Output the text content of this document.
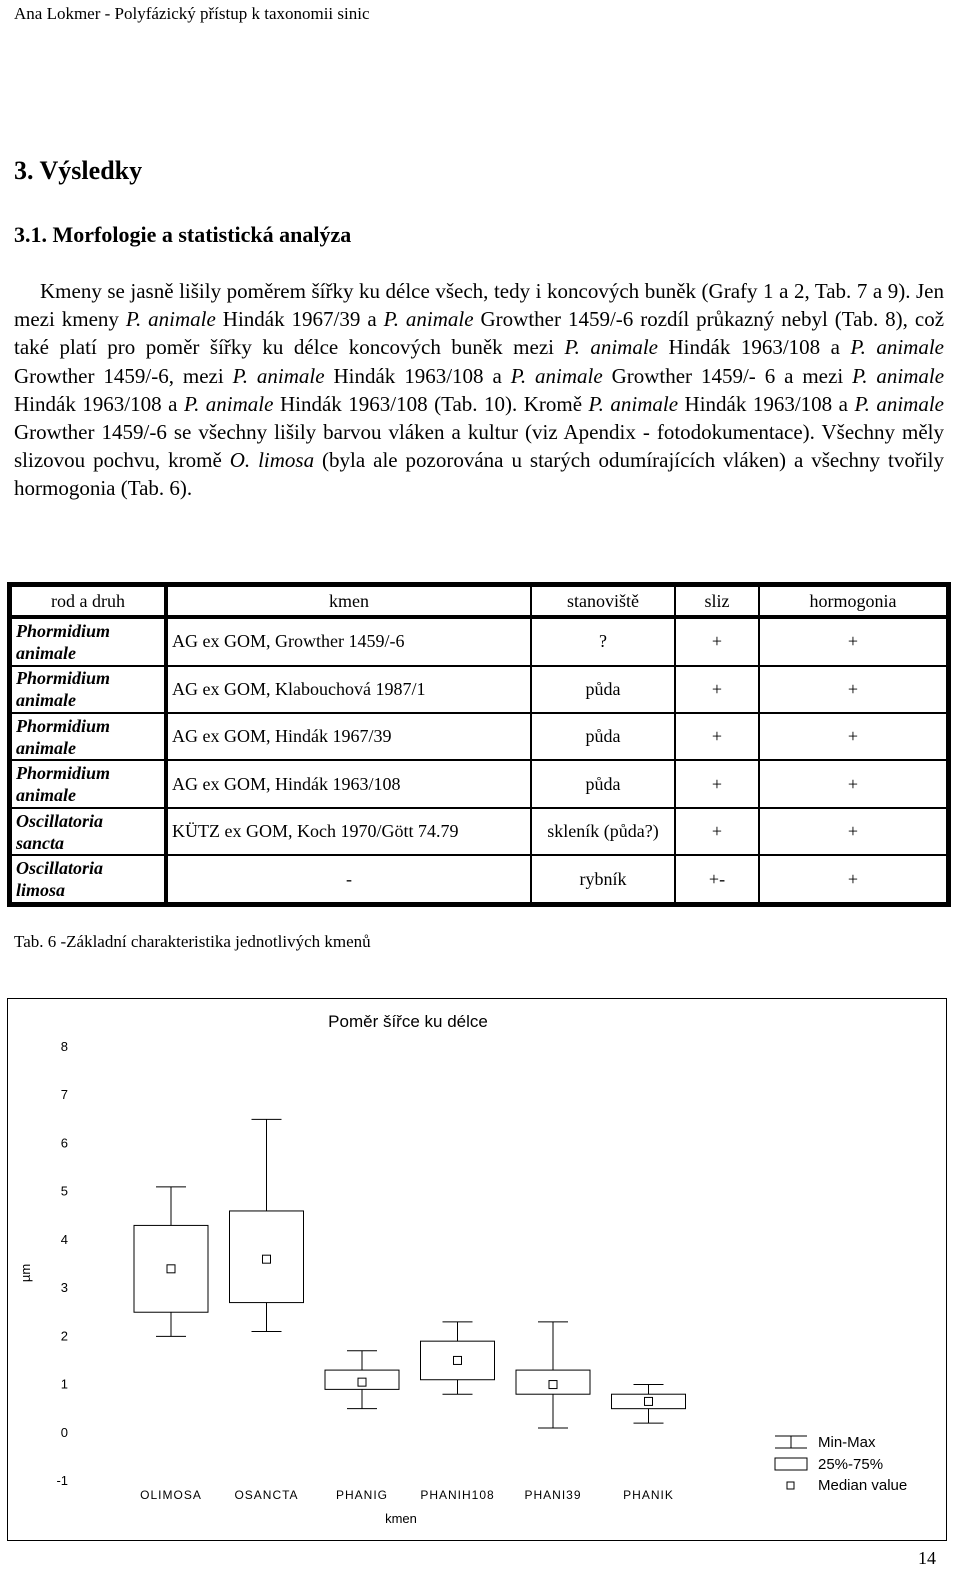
Ana Lokmer - Polyfázický přístup k taxonomii sinic
3. Výsledky
3.1. Morfologie a statistická analýza

Kmeny se jasně lišily poměrem šířky ku délce všech, tedy i koncových buněk (Grafy 1 a 2, Tab. 7 a 9). Jen mezi kmeny P. animale Hindák 1967/39 a P. animale Growther 1459/-6 rozdíl průkazný nebyl (Tab. 8), což také platí pro poměr šířky ku délce koncových buněk mezi P. animale Hindák 1963/108 a P. animale Growther 1459/-6, mezi P. animale Hindák 1963/108 a P. animale Growther 1459/- 6 a mezi P. animale Hindák 1963/108 a P. animale Hindák 1963/108 (Tab. 10). Kromě P. animale Hindák 1963/108 a P. animale Growther 1459/-6 se všechny lišily barvou vláken a kultur (viz Apendix - fotodokumentace). Všechny měly slizovou pochvu, kromě O. limosa (byla ale pozorována u starých odumírajících vláken) a všechny tvořily hormogonia (Tab. 6).

rod a druh	kmen	stanoviště	sliz	hormogonia

Phormidium
animale	AG ex GOM, Growther 1459/-6	?	+	+

Phormidium
animale	AG ex GOM, Klabouchová 1987/1	půda	+	+

Phormidium
animale	AG ex GOM, Hindák 1967/39	půda	+	+

Phormidium
animale	AG ex GOM, Hindák 1963/108	půda	+	+

Oscillatoria
sancta	KÜTZ ex GOM, Koch 1970/Gött 74.79	skleník (půda?)	+	+

Oscillatoria
limosa	-	rybník	+-	+
Tab. 6 -Základní charakteristika jednotlivých kmenů
Poměr šířce ku délce
µm
kmen
-1
0
1
2
3
4
5
6
7
8
OLIMOSA	OSANCTA	PHANIG	PHANIH108 PHANI39	PHANIK
Min-Max
25%-75%
Median value
14
